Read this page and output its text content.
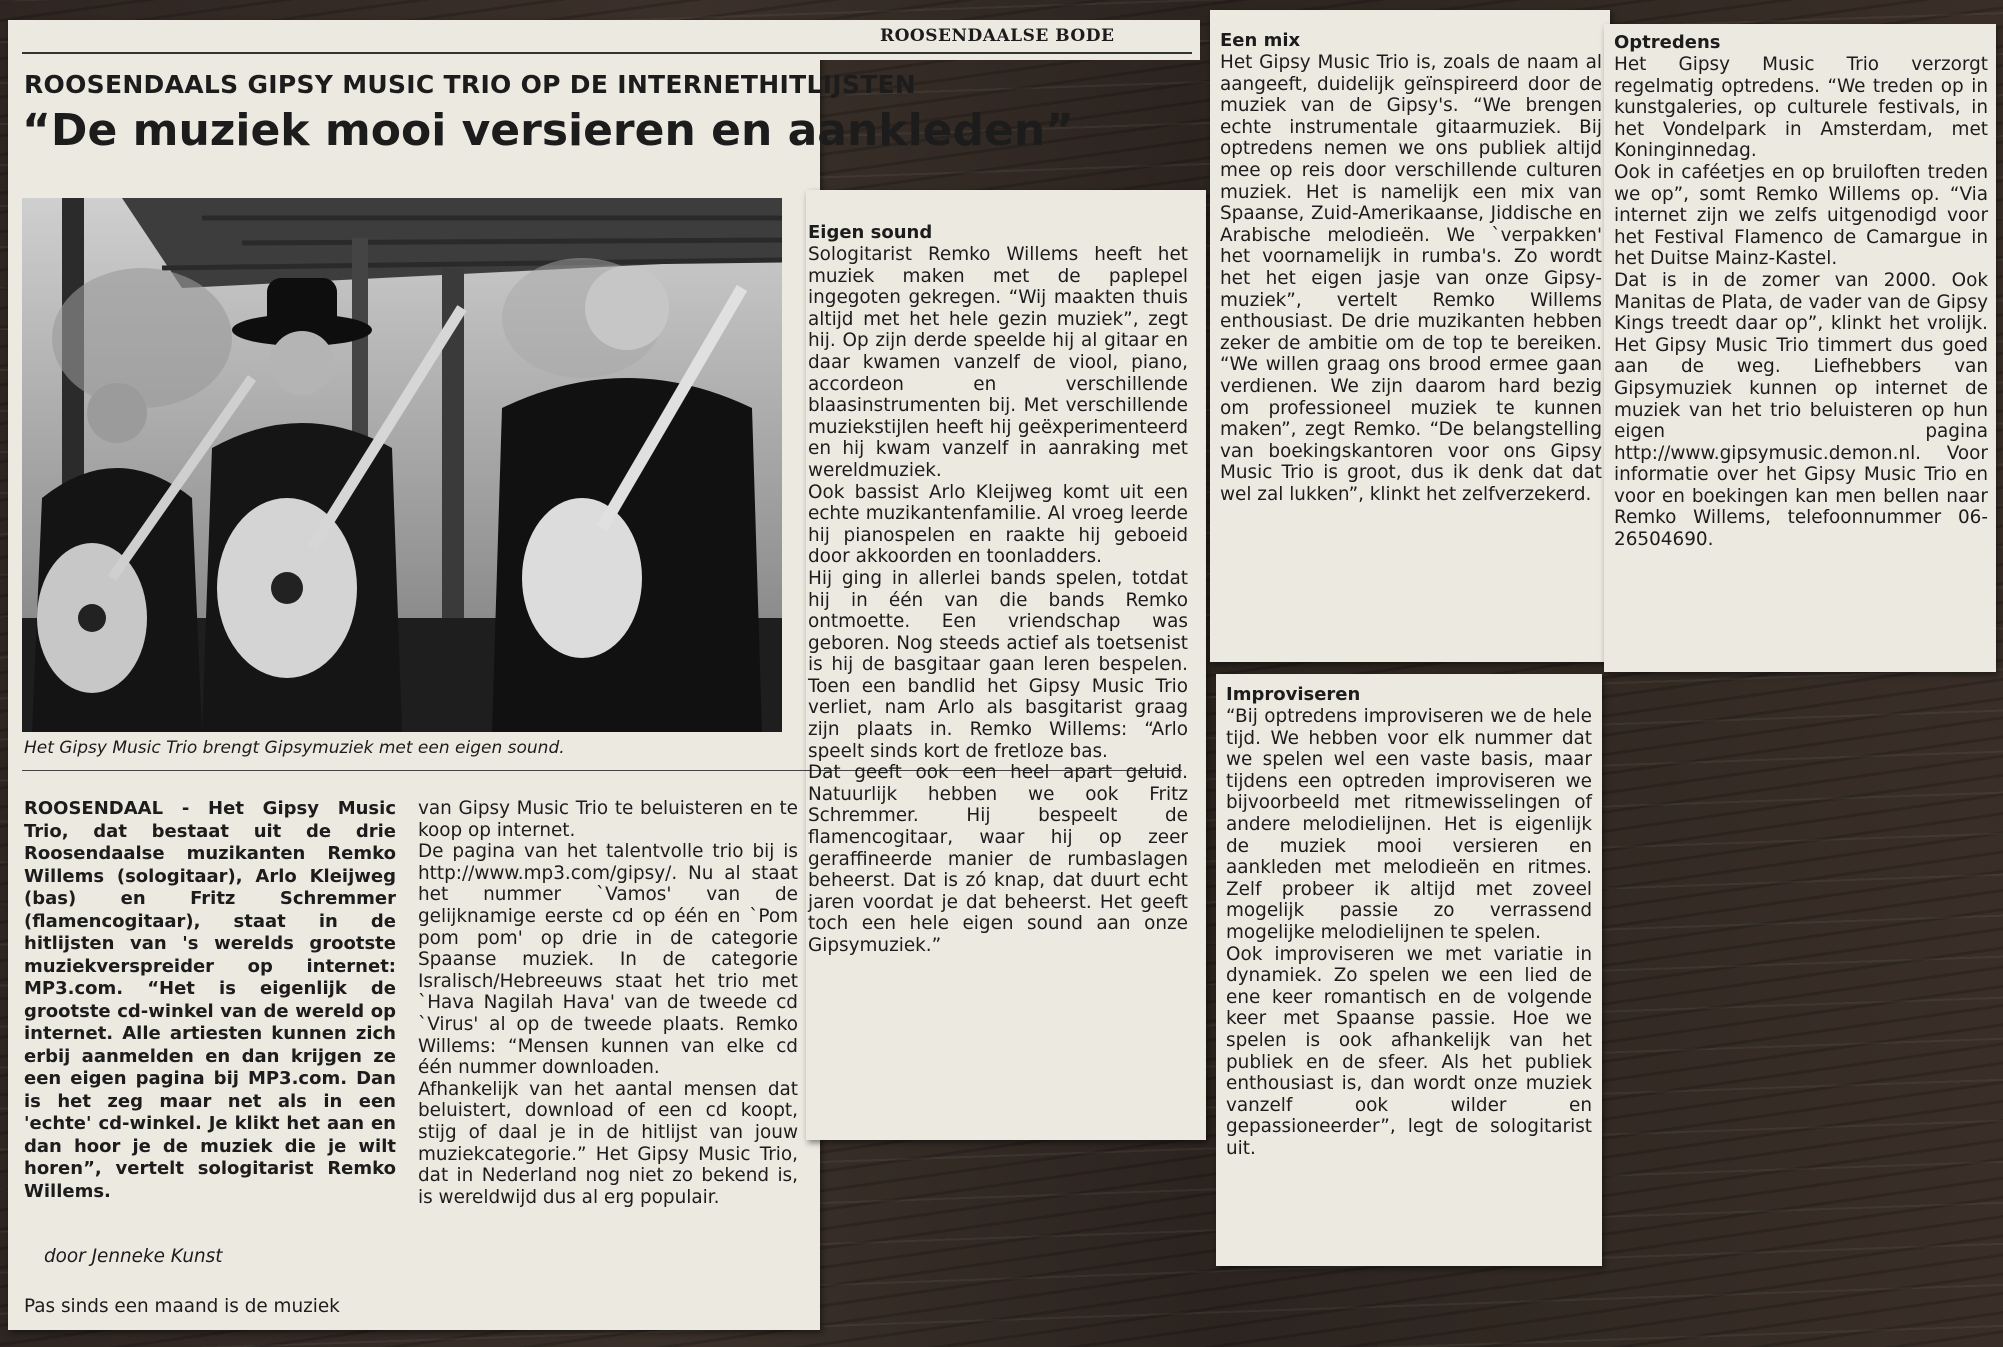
ROOSENDAALSE BODE
ROOSENDAALS GIPSY MUSIC TRIO OP DE INTERNETHITLIJSTEN
“De muziek mooi versieren en aankleden”
Het Gipsy Music Trio brengt Gipsymuziek met een eigen sound.
ROOSENDAAL - Het Gipsy Music Trio, dat bestaat uit de drie Roosendaalse muzikanten Remko Willems (sologitaar), Arlo Kleijweg (bas) en Fritz Schremmer (flamencogitaar), staat in de hitlijsten van 's werelds grootste muziekverspreider op internet: MP3.com. “Het is eigenlijk de grootste cd-winkel van de wereld op internet. Alle artiesten kunnen zich erbij aanmelden en dan krijgen ze een eigen pagina bij MP3.com. Dan is het zeg maar net als in een 'echte' cd-winkel. Je klikt het aan en dan hoor je de muziek die je wilt horen”, vertelt sologitarist Remko Willems.
door Jenneke Kunst
Pas sinds een maand is de muziek

van Gipsy Music Trio te beluisteren en te koop op internet.

De pagina van het talentvolle trio bij is http://www.mp3.com/gipsy/. Nu al staat het nummer `Vamos' van de gelijknamige eerste cd op één en `Pom pom pom' op drie in de categorie Spaanse muziek. In de categorie Isralisch/Hebreeuws staat het trio met `Hava Nagilah Hava' van de tweede cd `Virus' al op de tweede plaats. Remko Willems: “Mensen kunnen van elke cd één nummer downloaden.

Afhankelijk van het aantal mensen dat beluistert, download of een cd koopt, stijg of daal je in de hitlijst van jouw muziekcategorie.” Het Gipsy Music Trio, dat in Nederland nog niet zo bekend is, is wereldwijd dus al erg populair.

Eigen sound

Sologitarist Remko Willems heeft het muziek maken met de paplepel ingegoten gekregen. “Wij maakten thuis altijd met het hele gezin muziek”, zegt hij. Op zijn derde speelde hij al gitaar en daar kwamen vanzelf de viool, piano, accordeon en verschillende blaasinstrumenten bij. Met verschillende muziekstijlen heeft hij geëxperimenteerd en hij kwam vanzelf in aanraking met wereldmuziek.

Ook bassist Arlo Kleijweg komt uit een echte muzikantenfamilie. Al vroeg leerde hij pianospelen en raakte hij geboeid door akkoorden en toonladders.

Hij ging in allerlei bands spelen, totdat hij in één van die bands Remko ontmoette. Een vriendschap was geboren. Nog steeds actief als toetsenist is hij de basgitaar gaan leren bespelen. Toen een bandlid het Gipsy Music Trio verliet, nam Arlo als basgitarist graag zijn plaats in. Remko Willems: “Arlo speelt sinds kort de fretloze bas.

Dat geeft ook een heel apart geluid. Natuurlijk hebben we ook Fritz Schremmer. Hij bespeelt de flamencogitaar, waar hij op zeer geraffineerde manier de rumbaslagen beheerst. Dat is zó knap, dat duurt echt jaren voordat je dat beheerst. Het geeft toch een hele eigen sound aan onze Gipsymuziek.”

Een mix

Het Gipsy Music Trio is, zoals de naam al aangeeft, duidelijk geïnspireerd door de muziek van de Gipsy's. “We brengen echte instrumentale gitaarmuziek. Bij optredens nemen we ons publiek altijd mee op reis door verschillende culturen muziek. Het is namelijk een mix van Spaanse, Zuid-Amerikaanse, Jiddische en Arabische melodieën. We `verpakken' het voornamelijk in rumba's. Zo wordt het het eigen jasje van onze Gipsy-muziek”, vertelt Remko Willems enthousiast. De drie muzikanten hebben zeker de ambitie om de top te bereiken. “We willen graag ons brood ermee gaan verdienen. We zijn daarom hard bezig om professioneel muziek te kunnen maken”, zegt Remko. “De belangstelling van boekingskantoren voor ons Gipsy Music Trio is groot, dus ik denk dat dat wel zal lukken”, klinkt het zelfverzekerd.

Improviseren

“Bij optredens improviseren we de hele tijd. We hebben voor elk nummer dat we spelen wel een vaste basis, maar tijdens een optreden improviseren we bijvoorbeeld met ritmewisselingen of andere melodielijnen. Het is eigenlijk de muziek mooi versieren en aankleden met melodieën en ritmes. Zelf probeer ik altijd met zoveel mogelijk passie zo verrassend mogelijke melodielijnen te spelen.

Ook improviseren we met variatie in dynamiek. Zo spelen we een lied de ene keer romantisch en de volgende keer met Spaanse passie. Hoe we spelen is ook afhankelijk van het publiek en de sfeer. Als het publiek enthousiast is, dan wordt onze muziek vanzelf ook wilder en gepassioneerder”, legt de sologitarist uit.

Optredens

Het Gipsy Music Trio verzorgt regelmatig optredens. “We treden op in kunstgaleries, op culturele festivals, in het Vondelpark in Amsterdam, met Koninginnedag.

Ook in caféetjes en op bruiloften treden we op”, somt Remko Willems op. “Via internet zijn we zelfs uitgenodigd voor het Festival Flamenco de Camargue in het Duitse Mainz-Kastel.

Dat is in de zomer van 2000. Ook Manitas de Plata, de vader van de Gipsy Kings treedt daar op”, klinkt het vrolijk. Het Gipsy Music Trio timmert dus goed aan de weg. Liefhebbers van Gipsymuziek kunnen op internet de muziek van het trio beluisteren op hun eigen pagina http://www.gipsymusic.demon.nl. Voor informatie over het Gipsy Music Trio en voor en boekingen kan men bellen naar Remko Willems, telefoonnummer 06-26504690.
